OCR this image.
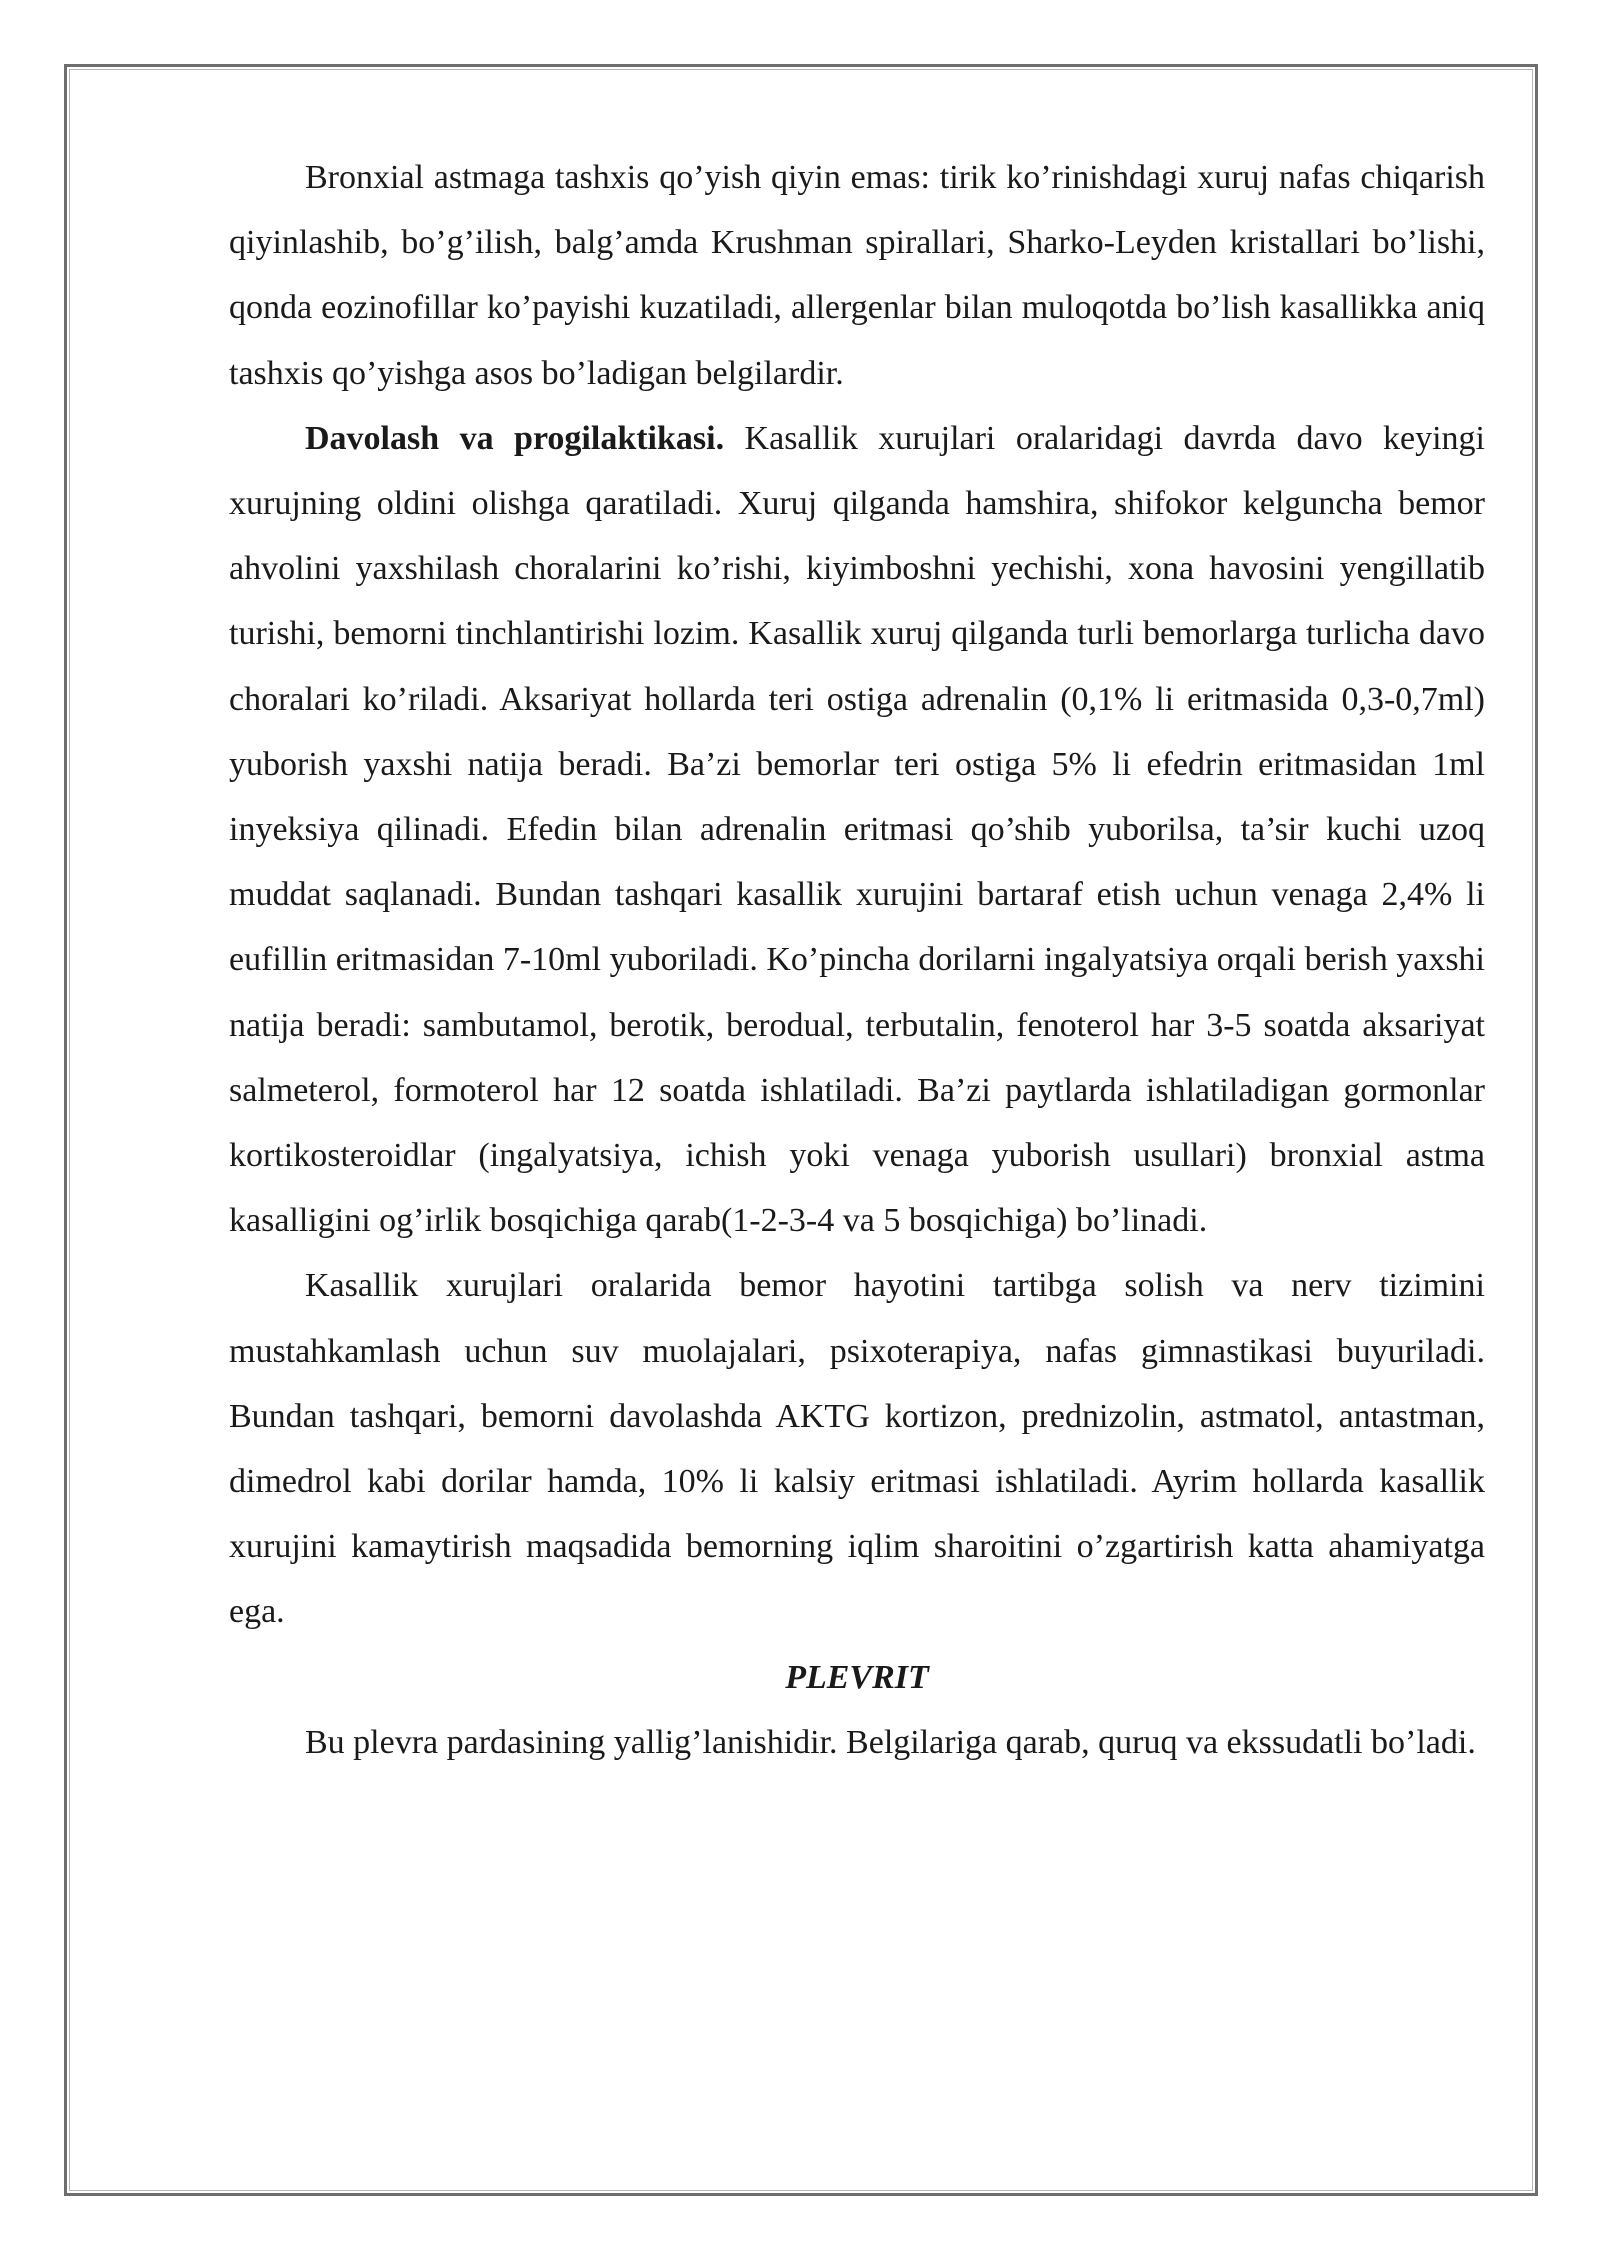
Bronxial astmaga tashxis qo’yish qiyin emas: tirik ko’rinishdagi xuruj nafas chiqarish qiyinlashib, bo’g’ilish, balg’amda Krushman spirallari, Sharko-Leyden kristallari bo’lishi, qonda eozinofillar ko’payishi kuzatiladi, allergenlar bilan muloqotda bo’lish kasallikka aniq tashxis qo’yishga asos bo’ladigan belgilardir.

Davolash va progilaktikasi. Kasallik xurujlari oralaridagi davrda davo keyingi xurujning oldini olishga qaratiladi. Xuruj qilganda hamshira, shifokor kelguncha bemor ahvolini yaxshilash choralarini ko’rishi, kiyimboshni yechishi, xona havosini yengillatib turishi, bemorni tinchlantirishi lozim. Kasallik xuruj qilganda turli bemorlarga turlicha davo choralari ko’riladi. Aksariyat hollarda teri ostiga adrenalin (0,1% li eritmasida 0,3-0,7ml) yuborish yaxshi natija beradi. Ba’zi bemorlar teri ostiga 5% li efedrin eritmasidan 1ml inyeksiya qilinadi. Efedin bilan adrenalin eritmasi qo’shib yuborilsa, ta’sir kuchi uzoq muddat saqlanadi. Bundan tashqari kasallik xurujini bartaraf etish uchun venaga 2,4% li eufillin eritmasidan 7-10ml yuboriladi. Ko’pincha dorilarni ingalyatsiya orqali berish yaxshi natija beradi: sambutamol, berotik, berodual, terbutalin, fenoterol har 3-5 soatda aksariyat salmeterol, formoterol har 12 soatda ishlatiladi. Ba’zi paytlarda ishlatiladigan gormonlar kortikosteroidlar (ingalyatsiya, ichish yoki venaga yuborish usullari) bronxial astma kasalligini og’irlik bosqichiga qarab(1-2-3-4 va 5 bosqichiga) bo’linadi.

Kasallik xurujlari oralarida bemor hayotini tartibga solish va nerv tizimini mustahkamlash uchun suv muolajalari, psixoterapiya, nafas gimnastikasi buyuriladi. Bundan tashqari, bemorni davolashda AKTG kortizon, prednizolin, astmatol, antastman, dimedrol kabi dorilar hamda, 10% li kalsiy eritmasi ishlatiladi. Ayrim hollarda kasallik xurujini kamaytirish maqsadida bemorning iqlim sharoitini o’zgartirish katta ahamiyatga ega.

PLEVRIT

Bu plevra pardasining yallig’lanishidir. Belgilariga qarab, quruq va ekssudatli bo’ladi.
